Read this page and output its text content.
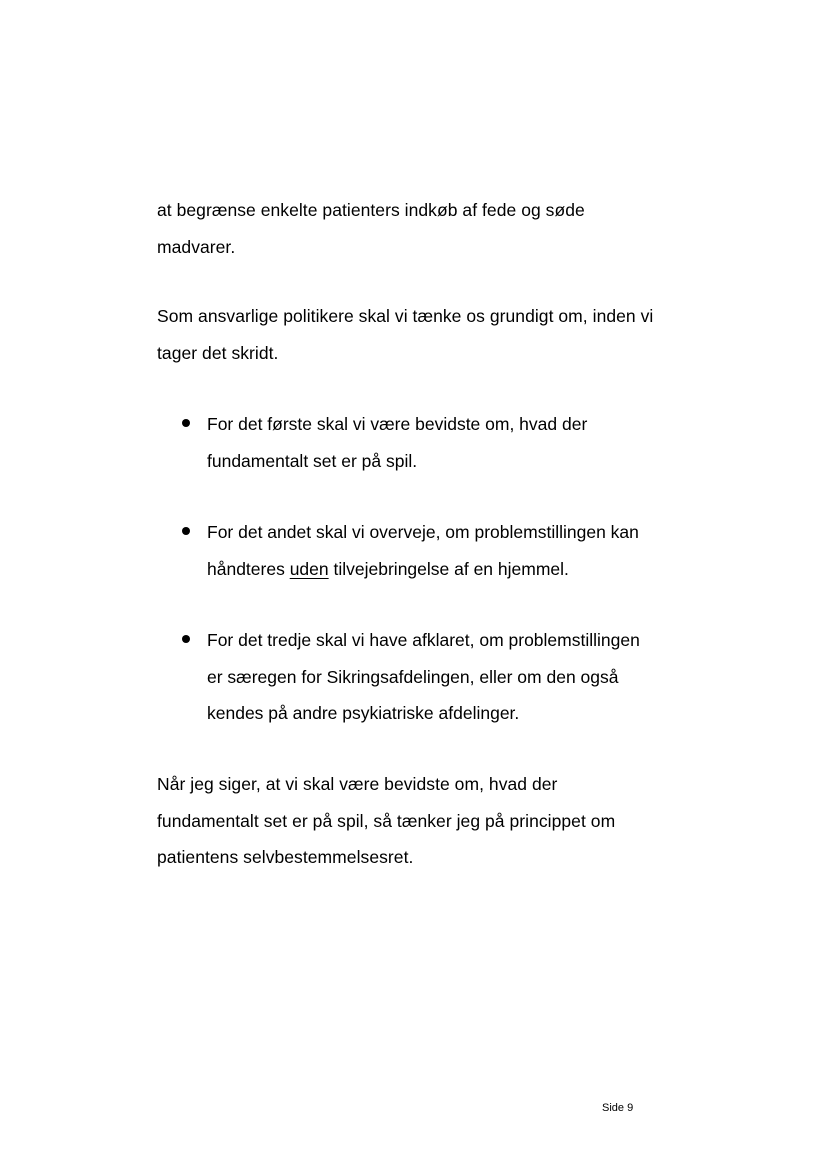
at begrænse enkelte patienters indkøb af fede og søde
madvarer.

Som ansvarlige politikere skal vi tænke os grundigt om, inden vi
tager det skridt.

For det første skal vi være bevidste om, hvad der
fundamentalt set er på spil.
For det andet skal vi overveje, om problemstillingen kan
håndteres uden tilvejebringelse af en hjemmel.
For det tredje skal vi have afklaret, om problemstillingen
er særegen for Sikringsafdelingen, eller om den også
kendes på andre psykiatriske afdelinger.

Når jeg siger, at vi skal være bevidste om, hvad der
fundamentalt set er på spil, så tænker jeg på princippet om
patientens selvbestemmelsesret.

Side 9
